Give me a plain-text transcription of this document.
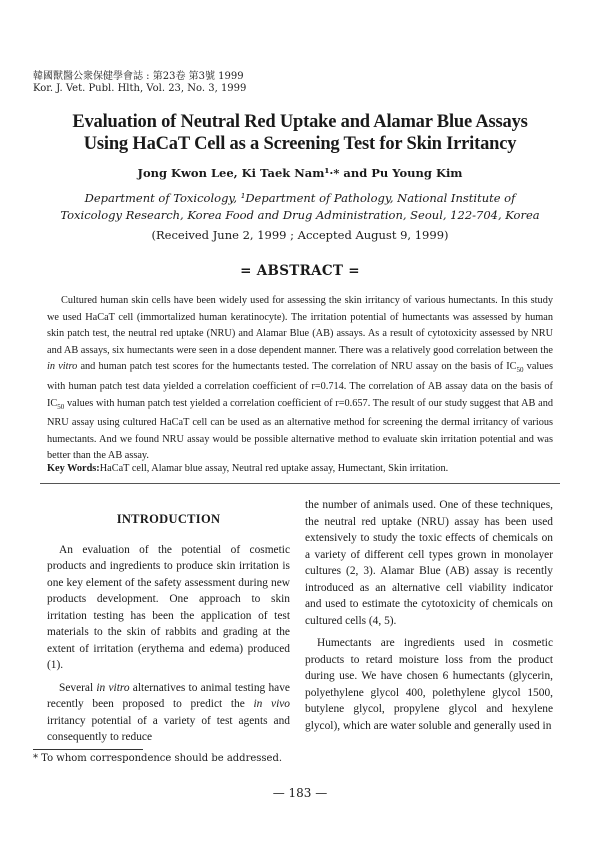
韓國獸醫公衆保健學會誌 : 第23卷 第3號 1999
Kor. J. Vet. Publ. Hlth, Vol. 23, No. 3, 1999
Evaluation of Neutral Red Uptake and Alamar Blue Assays
Using HaCaT Cell as a Screening Test for Skin Irritancy
Jong Kwon Lee, Ki Taek Nam¹·* and Pu Young Kim
Department of Toxicology, ¹Department of Pathology, National Institute of
Toxicology Research, Korea Food and Drug Administration, Seoul, 122-704, Korea
(Received June 2, 1999 ; Accepted August 9, 1999)
= ABSTRACT =
Cultured human skin cells have been widely used for assessing the skin irritancy of various humectants. In this study we used HaCaT cell (immortalized human keratinocyte). The irritation potential of humectants was assessed by human skin patch test, the neutral red uptake (NRU) and Alamar Blue (AB) assays. As a result of cytotoxicity assessed by NRU and AB assays, six humectants were seen in a dose dependent manner. There was a relatively good correlation between the in vitro and human patch test scores for the humectants tested. The correlation of NRU assay on the basis of $IC_{50}$ values with human patch test data yielded a correlation coefficient of r=0.714. The correlation of AB assay data on the basis of $IC_{50}$ values with human patch test yielded a correlation coefficient of r=0.657. The result of our study suggest that AB and NRU assay using cultured HaCaT cell can be used as an alternative method for screening the dermal irritancy of various humectants. And we found NRU assay would be possible alternative method to evaluate skin irritation potential and was better than the AB assay.
Key Words:HaCaT cell, Alamar blue assay, Neutral red uptake assay, Humectant, Skin irritation.
INTRODUCTION

An evaluation of the potential of cosmetic products and ingredients to produce skin irritation is one key element of the safety assessment during new products development. One approach to skin irritation testing has been the application of test materials to the skin of rabbits and grading at the extent of irritation (erythema and edema) produced (1).

Several in vitro alternatives to animal testing have recently been proposed to predict the in vivo irritancy potential of a variety of test agents and consequently to reduce

the number of animals used. One of these techniques, the neutral red uptake (NRU) assay has been used extensively to study the toxic effects of chemicals on a variety of different cell types grown in monolayer cultures (2, 3). Alamar Blue (AB) assay is recently introduced as an alternative cell viability indicator and used to estimate the cytotoxicity of chemicals on cultured cells (4, 5).

Humectants are ingredients used in cosmetic products to retard moisture loss from the product during use. We have chosen 6 humectants (glycerin, polyethylene glycol 400, polethylene glycol 1500, butylene glycol, propylene glycol and hexylene glycol), which are water soluble and generally used in

* To whom correspondence should be addressed.
— 183 —
